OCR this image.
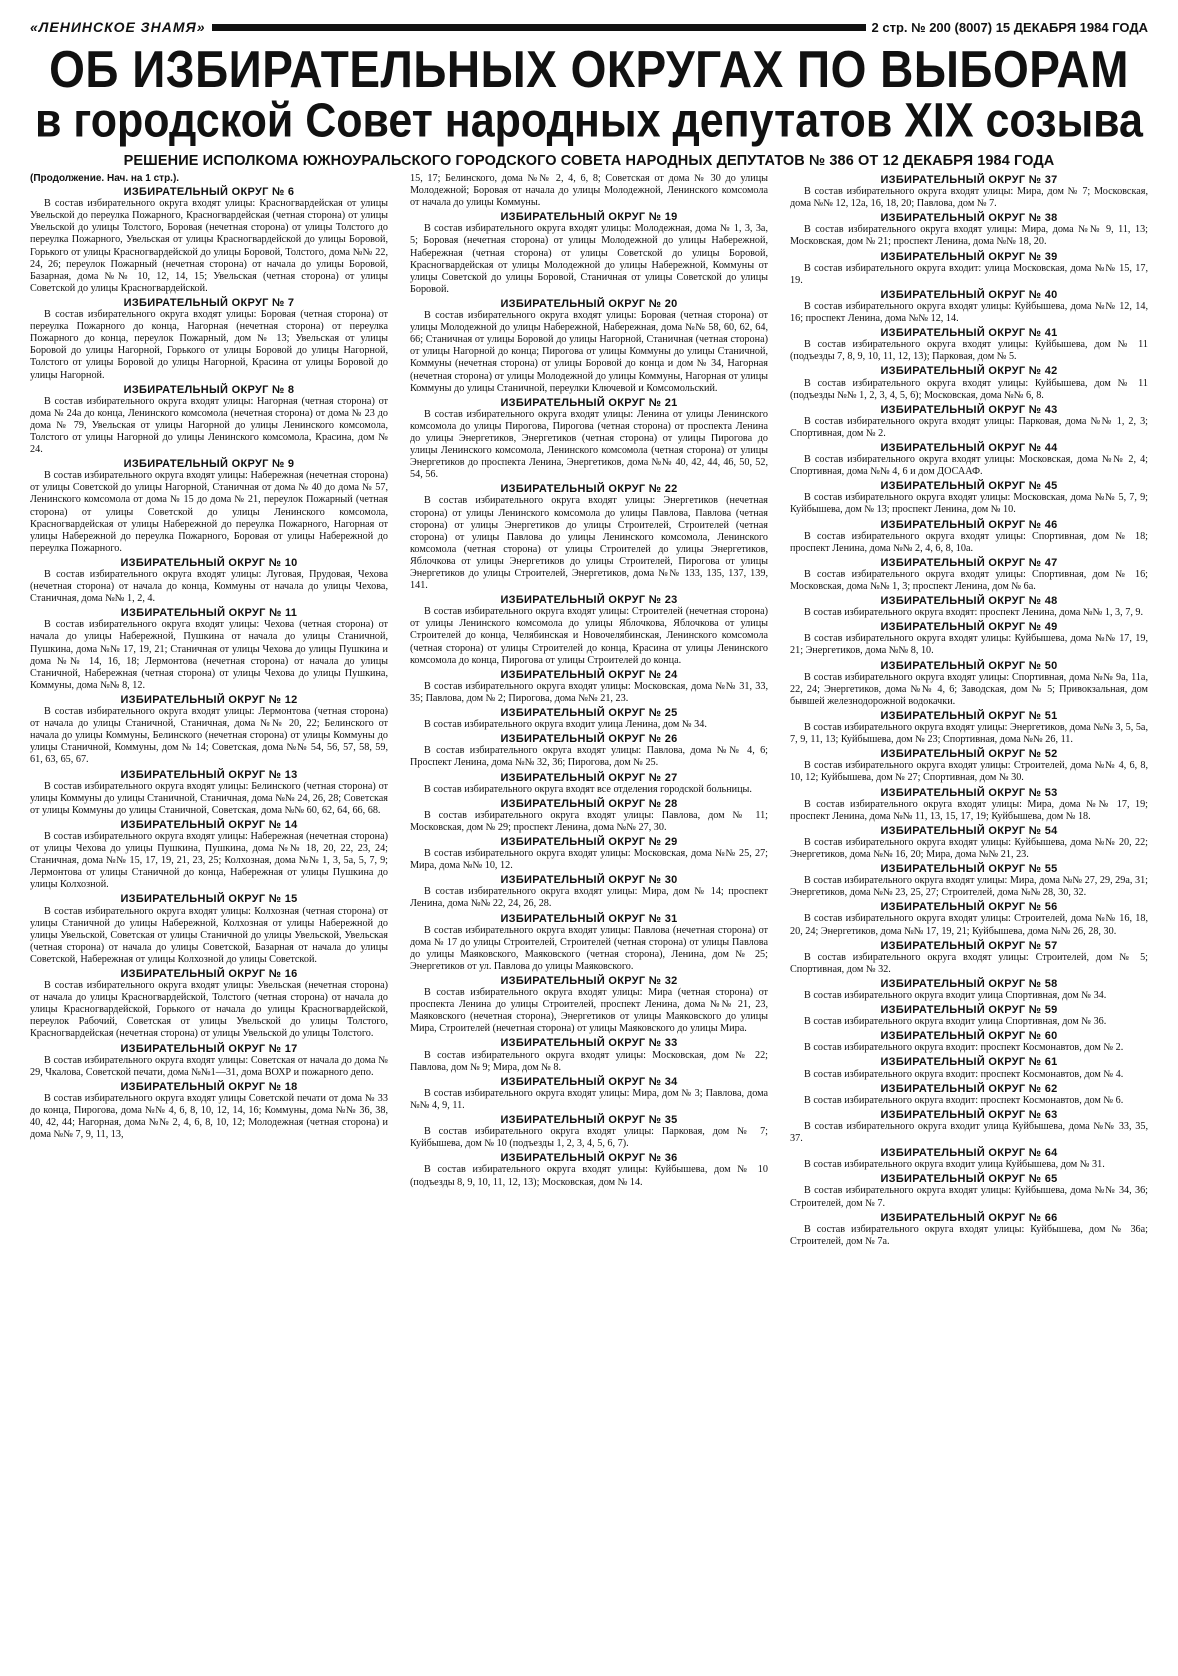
«ЛЕНИНСКОЕ ЗНАМЯ»	2 стр. № 200 (8007) 15 ДЕКАБРЯ 1984 ГОДА
ОБ ИЗБИРАТЕЛЬНЫХ ОКРУГАХ ПО ВЫБОРАМ
в городской Совет народных депутатов XIX созыва
РЕШЕНИЕ ИСПОЛКОМА ЮЖНОУРАЛЬСКОГО ГОРОДСКОГО СОВЕТА НАРОДНЫХ ДЕПУТАТОВ № 386 ОТ 12 ДЕКАБРЯ 1984 ГОДА

(Продолжение. Нач. на 1 стр.).

ИЗБИРАТЕЛЬНЫЙ ОКРУГ № 6

В состав избирательного округа входят улицы: Красногвардейская от улицы Увельской до переулка Пожарного, Красногвардейская (четная сторона) от улицы Увельской до улицы Толстого, Боровая (нечетная сторона) от улицы Толстого до переулка Пожарного, Увельская от улицы Красногвардейской до улицы Боровой, Горького от улицы Красногвардейской до улицы Боровой, Толстого, дома №№ 22, 24, 26; переулок Пожарный (нечетная сторона) от начала до улицы Боровой, Базарная, дома №№ 10, 12, 14, 15; Увельская (четная сторона) от улицы Советской до улицы Красногвардейской.

ИЗБИРАТЕЛЬНЫЙ ОКРУГ № 7

В состав избирательного округа входят улицы: Боровая (четная сторона) от переулка Пожарного до конца, Нагорная (нечетная сторона) от переулка Пожарного до конца, переулок Пожарный, дом № 13; Увельская от улицы Боровой до улицы Нагорной, Горького от улицы Боровой до улицы Нагорной, Толстого от улицы Боровой до улицы Нагорной, Красина от улицы Боровой до улицы Нагорной.

ИЗБИРАТЕЛЬНЫЙ ОКРУГ № 8

В состав избирательного округа входят улицы: Нагорная (четная сторона) от дома № 24а до конца, Ленинского комсомола (нечетная сторона) от дома № 23 до дома № 79, Увельская от улицы Нагорной до улицы Ленинского комсомола, Толстого от улицы Нагорной до улицы Ленинского комсомола, Красина, дом № 24.

ИЗБИРАТЕЛЬНЫЙ ОКРУГ № 9

В состав избирательного округа входят улицы: Набережная (нечетная сторона) от улицы Советской до улицы Нагорной, Станичная от дома № 40 до дома № 57, Ленинского комсомола от дома № 15 до дома № 21, переулок Пожарный (четная сторона) от улицы Советской до улицы Ленинского комсомола, Красногвардейская от улицы Набережной до переулка Пожарного, Нагорная от улицы Набережной до переулка Пожарного, Боровая от улицы Набережной до переулка Пожарного.

ИЗБИРАТЕЛЬНЫЙ ОКРУГ № 10

В состав избирательного округа входят улицы: Луговая, Прудовая, Чехова (нечетная сторона) от начала до конца, Коммуны от начала до улицы Чехова, Станичная, дома №№ 1, 2, 4.

ИЗБИРАТЕЛЬНЫЙ ОКРУГ № 11

В состав избирательного округа входят улицы: Чехова (четная сторона) от начала до улицы Набережной, Пушкина от начала до улицы Станичной, Пушкина, дома №№ 17, 19, 21; Станичная от улицы Чехова до улицы Пушкина и дома №№ 14, 16, 18; Лермонтова (нечетная сторона) от начала до улицы Станичной, Набережная (четная сторона) от улицы Чехова до улицы Пушкина, Коммуны, дома №№ 8, 12.

ИЗБИРАТЕЛЬНЫЙ ОКРУГ № 12

В состав избирательного округа входят улицы: Лермонтова (четная сторона) от начала до улицы Станичной, Станичная, дома №№ 20, 22; Белинского от начала до улицы Коммуны, Белинского (нечетная сторона) от улицы Коммуны до улицы Станичной, Коммуны, дом № 14; Советская, дома №№ 54, 56, 57, 58, 59, 61, 63, 65, 67.

ИЗБИРАТЕЛЬНЫЙ ОКРУГ № 13

В состав избирательного округа входят улицы: Белинского (четная сторона) от улицы Коммуны до улицы Станичной, Станичная, дома №№ 24, 26, 28; Советская от улицы Коммуны до улицы Станичной, Советская, дома №№ 60, 62, 64, 66, 68.

ИЗБИРАТЕЛЬНЫЙ ОКРУГ № 14

В состав избирательного округа входят улицы: Набережная (нечетная сторона) от улицы Чехова до улицы Пушкина, Пушкина, дома №№ 18, 20, 22, 23, 24; Станичная, дома №№ 15, 17, 19, 21, 23, 25; Колхозная, дома №№ 1, 3, 5а, 5, 7, 9; Лермонтова от улицы Станичной до конца, Набережная от улицы Пушкина до улицы Колхозной.

ИЗБИРАТЕЛЬНЫЙ ОКРУГ № 15

В состав избирательного округа входят улицы: Колхозная (четная сторона) от улицы Станичной до улицы Набережной, Колхозная от улицы Набережной до улицы Увельской, Советская от улицы Станичной до улицы Увельской, Увельская (четная сторона) от начала до улицы Советской, Базарная от начала до улицы Советской, Набережная от улицы Колхозной до улицы Советской.

ИЗБИРАТЕЛЬНЫЙ ОКРУГ № 16

В состав избирательного округа входят улицы: Увельская (нечетная сторона) от начала до улицы Красногвардейской, Толстого (четная сторона) от начала до улицы Красногвардейской, Горького от начала до улицы Красногвардейской, переулок Рабочий, Советская от улицы Увельской до улицы Толстого, Красногвардейская (нечетная сторона) от улицы Увельской до улицы Толстого.

ИЗБИРАТЕЛЬНЫЙ ОКРУГ № 17

В состав избирательного округа входят улицы: Советская от начала до дома № 29, Чкалова, Советской печати, дома №№1—31, дома ВОХР и пожарного депо.

ИЗБИРАТЕЛЬНЫЙ ОКРУГ № 18

В состав избирательного округа входят улицы Советской печати от дома № 33 до конца, Пирогова, дома №№ 4, 6, 8, 10, 12, 14, 16; Коммуны, дома №№ 36, 38, 40, 42, 44; Нагорная, дома №№ 2, 4, 6, 8, 10, 12; Молодежная (четная сторона) и дома №№ 7, 9, 11, 13,

15, 17; Белинского, дома №№ 2, 4, 6, 8; Советская от дома № 30 до улицы Молодежной; Боровая от начала до улицы Молодежной, Ленинского комсомола от начала до улицы Коммуны.

ИЗБИРАТЕЛЬНЫЙ ОКРУГ № 19

В состав избирательного округа входят улицы: Молодежная, дома № 1, 3, 3а, 5; Боровая (нечетная сторона) от улицы Молодежной до улицы Набережной, Набережная (четная сторона) от улицы Советской до улицы Боровой, Красногвардейская от улицы Молодежной до улицы Набережной, Коммуны от улицы Советской до улицы Боровой, Станичная от улицы Советской до улицы Боровой.

ИЗБИРАТЕЛЬНЫЙ ОКРУГ № 20

В состав избирательного округа входят улицы: Боровая (четная сторона) от улицы Молодежной до улицы Набережной, Набережная, дома №№ 58, 60, 62, 64, 66; Станичная от улицы Боровой до улицы Нагорной, Станичная (четная сторона) от улицы Нагорной до конца; Пирогова от улицы Коммуны до улицы Станичной, Коммуны (нечетная сторона) от улицы Боровой до конца и дом № 34, Нагорная (нечетная сторона) от улицы Молодежной до улицы Коммуны, Нагорная от улицы Коммуны до улицы Станичной, переулки Ключевой и Комсомольский.

ИЗБИРАТЕЛЬНЫЙ ОКРУГ № 21

В состав избирательного округа входят улицы: Ленина от улицы Ленинского комсомола до улицы Пирогова, Пирогова (четная сторона) от проспекта Ленина до улицы Энергетиков, Энергетиков (четная сторона) от улицы Пирогова до улицы Ленинского комсомола, Ленинского комсомола (четная сторона) от улицы Энергетиков до проспекта Ленина, Энергетиков, дома №№ 40, 42, 44, 46, 50, 52, 54, 56.

ИЗБИРАТЕЛЬНЫЙ ОКРУГ № 22

В состав избирательного округа входят улицы: Энергетиков (нечетная сторона) от улицы Ленинского комсомола до улицы Павлова, Павлова (четная сторона) от улицы Энергетиков до улицы Строителей, Строителей (четная сторона) от улицы Павлова до улицы Ленинского комсомола, Ленинского комсомола (четная сторона) от улицы Строителей до улицы Энергетиков, Яблочкова от улицы Энергетиков до улицы Строителей, Пирогова от улицы Энергетиков до улицы Строителей, Энергетиков, дома №№ 133, 135, 137, 139, 141.

ИЗБИРАТЕЛЬНЫЙ ОКРУГ № 23

В состав избирательного округа входят улицы: Строителей (нечетная сторона) от улицы Ленинского комсомола до улицы Яблочкова, Яблочкова от улицы Строителей до конца, Челябинская и Новочелябинская, Ленинского комсомола (четная сторона) от улицы Строителей до конца, Красина от улицы Ленинского комсомола до конца, Пирогова от улицы Строителей до конца.

ИЗБИРАТЕЛЬНЫЙ ОКРУГ № 24

В состав избирательного округа входят улицы: Московская, дома №№ 31, 33, 35; Павлова, дом № 2; Пирогова, дома №№ 21, 23.

ИЗБИРАТЕЛЬНЫЙ ОКРУГ № 25

В состав избирательного округа входит улица Ленина, дом № 34.

ИЗБИРАТЕЛЬНЫЙ ОКРУГ № 26

В состав избирательного округа входят улицы: Павлова, дома №№ 4, 6; Проспект Ленина, дома №№ 32, 36; Пирогова, дом № 25.

ИЗБИРАТЕЛЬНЫЙ ОКРУГ № 27

В состав избирательного округа входят все отделения городской больницы.

ИЗБИРАТЕЛЬНЫЙ ОКРУГ № 28

В состав избирательного округа входят улицы: Павлова, дом № 11; Московская, дом № 29; проспект Ленина, дома №№ 27, 30.

ИЗБИРАТЕЛЬНЫЙ ОКРУГ № 29

В состав избирательного округа входят улицы: Московская, дома №№ 25, 27; Мира, дома №№ 10, 12.

ИЗБИРАТЕЛЬНЫЙ ОКРУГ № 30

В состав избирательного округа входят улицы: Мира, дом № 14; проспект Ленина, дома №№ 22, 24, 26, 28.

ИЗБИРАТЕЛЬНЫЙ ОКРУГ № 31

В состав избирательного округа входят улицы: Павлова (нечетная сторона) от дома № 17 до улицы Строителей, Строителей (четная сторона) от улицы Павлова до улицы Маяковского, Маяковского (четная сторона), Ленина, дом № 25; Энергетиков от ул. Павлова до улицы Маяковского.

ИЗБИРАТЕЛЬНЫЙ ОКРУГ № 32

В состав избирательного округа входят улицы: Мира (четная сторона) от проспекта Ленина до улицы Строителей, проспект Ленина, дома №№ 21, 23, Маяковского (нечетная сторона), Энергетиков от улицы Маяковского до улицы Мира, Строителей (нечетная сторона) от улицы Маяковского до улицы Мира.

ИЗБИРАТЕЛЬНЫЙ ОКРУГ № 33

В состав избирательного округа входят улицы: Московская, дом № 22; Павлова, дом № 9; Мира, дом № 8.

ИЗБИРАТЕЛЬНЫЙ ОКРУГ № 34

В состав избирательного округа входят улицы: Мира, дом № 3; Павлова, дома №№ 4, 9, 11.

ИЗБИРАТЕЛЬНЫЙ ОКРУГ № 35

В состав избирательного округа входят улицы: Парковая, дом № 7; Куйбышева, дом № 10 (подъезды 1, 2, 3, 4, 5, 6, 7).

ИЗБИРАТЕЛЬНЫЙ ОКРУГ № 36

В состав избирательного округа входят улицы: Куйбышева, дом № 10 (подъезды 8, 9, 10, 11, 12, 13); Московская, дом № 14.

ИЗБИРАТЕЛЬНЫЙ ОКРУГ № 37

В состав избирательного округа входят улицы: Мира, дом № 7; Московская, дома №№ 12, 12а, 16, 18, 20; Павлова, дом № 7.

ИЗБИРАТЕЛЬНЫЙ ОКРУГ № 38

В состав избирательного округа входят улицы: Мира, дома №№ 9, 11, 13; Московская, дом № 21; проспект Ленина, дома №№ 18, 20.

ИЗБИРАТЕЛЬНЫЙ ОКРУГ № 39

В состав избирательного округа входит: улица Московская, дома №№ 15, 17, 19.

ИЗБИРАТЕЛЬНЫЙ ОКРУГ № 40

В состав избирательного округа входят улицы: Куйбышева, дома №№ 12, 14, 16; проспект Ленина, дома №№ 12, 14.

ИЗБИРАТЕЛЬНЫЙ ОКРУГ № 41

В состав избирательного округа входят улицы: Куйбышева, дом № 11 (подъезды 7, 8, 9, 10, 11, 12, 13); Парковая, дом № 5.

ИЗБИРАТЕЛЬНЫЙ ОКРУГ № 42

В состав избирательного округа входят улицы: Куйбышева, дом № 11 (подъезды №№ 1, 2, 3, 4, 5, 6); Московская, дома №№ 6, 8.

ИЗБИРАТЕЛЬНЫЙ ОКРУГ № 43

В состав избирательного округа входят улицы: Парковая, дома №№ 1, 2, 3; Спортивная, дом № 2.

ИЗБИРАТЕЛЬНЫЙ ОКРУГ № 44

В состав избирательного округа входят улицы: Московская, дома №№ 2, 4; Спортивная, дома №№ 4, 6 и дом ДОСААФ.

ИЗБИРАТЕЛЬНЫЙ ОКРУГ № 45

В состав избирательного округа входят улицы: Московская, дома №№ 5, 7, 9; Куйбышева, дом № 13; проспект Ленина, дом № 10.

ИЗБИРАТЕЛЬНЫЙ ОКРУГ № 46

В состав избирательного округа входят улицы: Спортивная, дом № 18; проспект Ленина, дома №№ 2, 4, 6, 8, 10а.

ИЗБИРАТЕЛЬНЫЙ ОКРУГ № 47

В состав избирательного округа входят улицы: Спортивная, дом № 16; Московская, дома №№ 1, 3; проспект Ленина, дом № 6а.

ИЗБИРАТЕЛЬНЫЙ ОКРУГ № 48

В состав избирательного округа входят: проспект Ленина, дома №№ 1, 3, 7, 9.

ИЗБИРАТЕЛЬНЫЙ ОКРУГ № 49

В состав избирательного округа входят улицы: Куйбышева, дома №№ 17, 19, 21; Энергетиков, дома №№ 8, 10.

ИЗБИРАТЕЛЬНЫЙ ОКРУГ № 50

В состав избирательного округа входят улицы: Спортивная, дома №№ 9а, 11а, 22, 24; Энергетиков, дома №№ 4, 6; Заводская, дом № 5; Привокзальная, дом бывшей железнодорожной водокачки.

ИЗБИРАТЕЛЬНЫЙ ОКРУГ № 51

В состав избирательного округа входят улицы: Энергетиков, дома №№ 3, 5, 5а, 7, 9, 11, 13; Куйбышева, дом № 23; Спортивная, дома №№ 26, 11.

ИЗБИРАТЕЛЬНЫЙ ОКРУГ № 52

В состав избирательного округа входят улицы: Строителей, дома №№ 4, 6, 8, 10, 12; Куйбышева, дом № 27; Спортивная, дом № 30.

ИЗБИРАТЕЛЬНЫЙ ОКРУГ № 53

В состав избирательного округа входят улицы: Мира, дома №№ 17, 19; проспект Ленина, дома №№ 11, 13, 15, 17, 19; Куйбышева, дом № 18.

ИЗБИРАТЕЛЬНЫЙ ОКРУГ № 54

В состав избирательного округа входят улицы: Куйбышева, дома №№ 20, 22; Энергетиков, дома №№ 16, 20; Мира, дома №№ 21, 23.

ИЗБИРАТЕЛЬНЫЙ ОКРУГ № 55

В состав избирательного округа входят улицы: Мира, дома №№ 27, 29, 29а, 31; Энергетиков, дома №№ 23, 25, 27; Строителей, дома №№ 28, 30, 32.

ИЗБИРАТЕЛЬНЫЙ ОКРУГ № 56

В состав избирательного округа входят улицы: Строителей, дома №№ 16, 18, 20, 24; Энергетиков, дома №№ 17, 19, 21; Куйбышева, дома №№ 26, 28, 30.

ИЗБИРАТЕЛЬНЫЙ ОКРУГ № 57

В состав избирательного округа входят улицы: Строителей, дом № 5; Спортивная, дом № 32.

ИЗБИРАТЕЛЬНЫЙ ОКРУГ № 58

В состав избирательного округа входит улица Спортивная, дом № 34.

ИЗБИРАТЕЛЬНЫЙ ОКРУГ № 59

В состав избирательного округа входит улица Спортивная, дом № 36.

ИЗБИРАТЕЛЬНЫЙ ОКРУГ № 60

В состав избирательного округа входит: проспект Космонавтов, дом № 2.

ИЗБИРАТЕЛЬНЫЙ ОКРУГ № 61

В состав избирательного округа входит: проспект Космонавтов, дом № 4.

ИЗБИРАТЕЛЬНЫЙ ОКРУГ № 62

В состав избирательного округа входит: проспект Космонавтов, дом № 6.

ИЗБИРАТЕЛЬНЫЙ ОКРУГ № 63

В состав избирательного округа входит улица Куйбышева, дома №№ 33, 35, 37.

ИЗБИРАТЕЛЬНЫЙ ОКРУГ № 64

В состав избирательного округа входит улица Куйбышева, дом № 31.

ИЗБИРАТЕЛЬНЫЙ ОКРУГ № 65

В состав избирательного округа входят улицы: Куйбышева, дома №№ 34, 36; Строителей, дом № 7.

ИЗБИРАТЕЛЬНЫЙ ОКРУГ № 66

В состав избирательного округа входят улицы: Куйбышева, дом № 36а; Строителей, дом № 7а.
